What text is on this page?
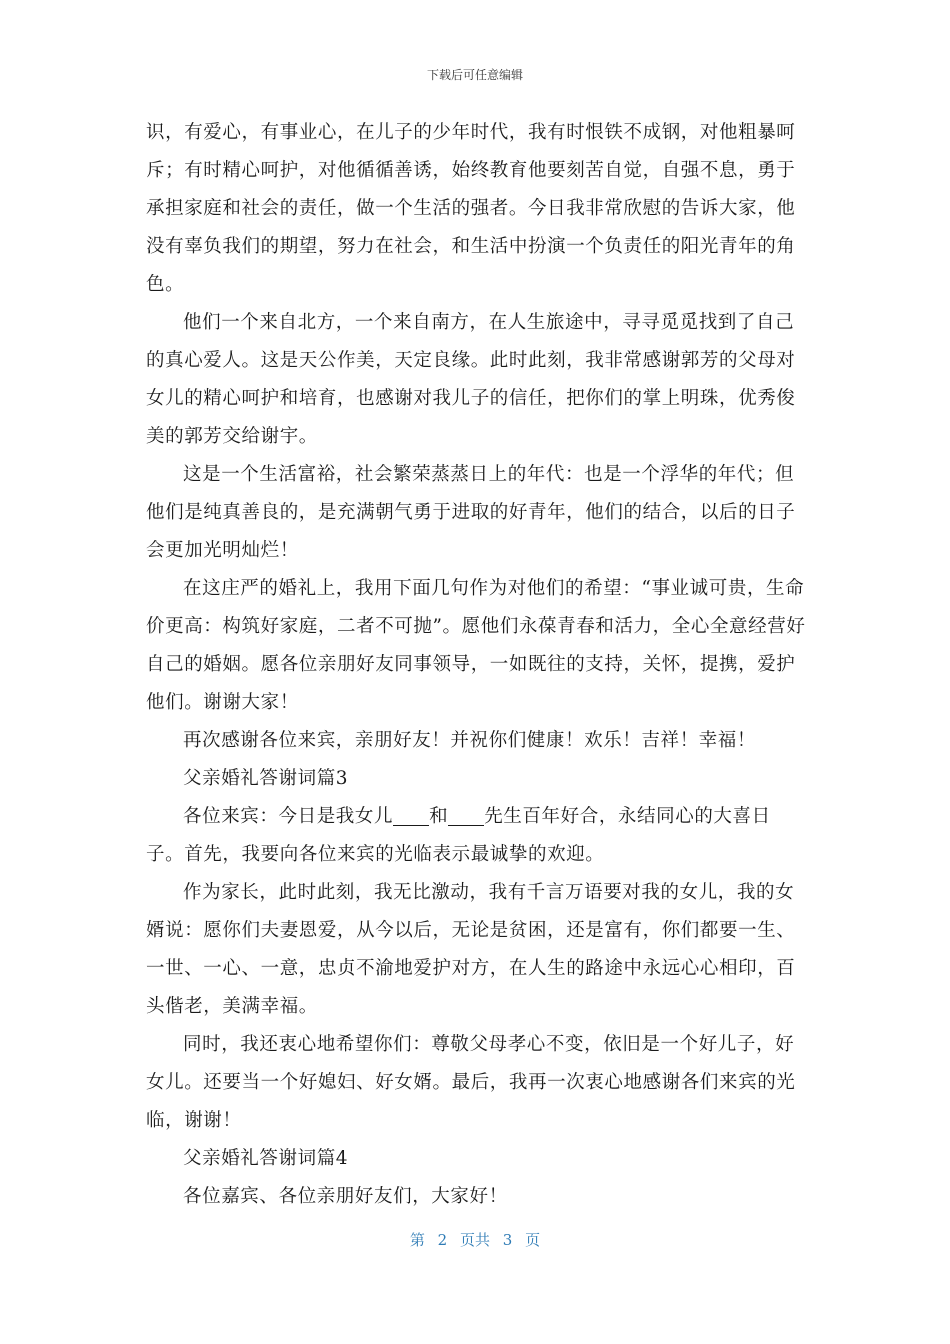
下载后可任意编辑

识，有爱心，有事业心，在儿子的少年时代，我有时恨铁不成钢，对他粗暴呵斥；有时精心呵护，对他循循善诱，始终教育他要刻苦自觉，自强不息，勇于承担家庭和社会的责任，做一个生活的强者。今日我非常欣慰的告诉大家，他没有辜负我们的期望，努力在社会，和生活中扮演一个负责任的阳光青年的角色。

他们一个来自北方，一个来自南方，在人生旅途中，寻寻觅觅找到了自己的真心爱人。这是天公作美，天定良缘。此时此刻，我非常感谢郭芳的父母对女儿的精心呵护和培育，也感谢对我儿子的信任，把你们的掌上明珠，优秀俊美的郭芳交给谢宇。

这是一个生活富裕，社会繁荣蒸蒸日上的年代：也是一个浮华的年代；但他们是纯真善良的，是充满朝气勇于进取的好青年，他们的结合，以后的日子会更加光明灿烂！

在这庄严的婚礼上，我用下面几句作为对他们的希望：“事业诚可贵，生命价更高：构筑好家庭，二者不可抛”。愿他们永葆青春和活力，全心全意经营好自己的婚姻。愿各位亲朋好友同事领导，一如既往的支持，关怀，提携，爱护他们。谢谢大家！

再次感谢各位来宾，亲朋好友！并祝你们健康！欢乐！吉祥！幸福！

父亲婚礼答谢词篇3

各位来宾：今日是我女儿 和 先生百年好合，永结同心的大喜日子。首先，我要向各位来宾的光临表示最诚挚的欢迎。

作为家长，此时此刻，我无比激动，我有千言万语要对我的女儿，我的女婿说：愿你们夫妻恩爱，从今以后，无论是贫困，还是富有，你们都要一生、一世、一心、一意，忠贞不渝地爱护对方，在人生的路途中永远心心相印，百头偕老，美满幸福。

同时，我还衷心地希望你们：尊敬父母孝心不变，依旧是一个好儿子，好女儿。还要当一个好媳妇、好女婿。最后，我再一次衷心地感谢各们来宾的光临，谢谢！

父亲婚礼答谢词篇4

各位嘉宾、各位亲朋好友们，大家好！

第 2 页共 3 页
